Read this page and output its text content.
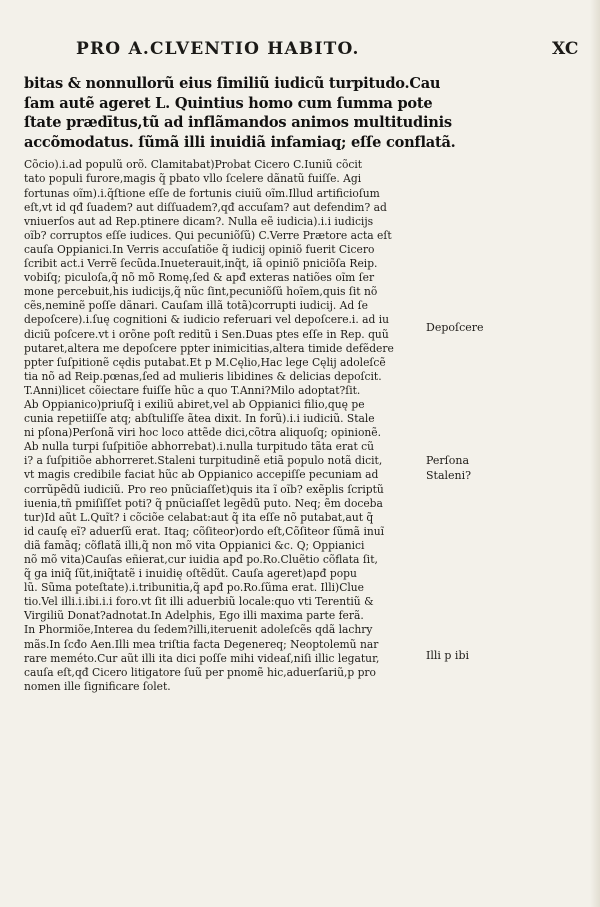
PRO A.CLVENTIO HABITO.	XC
bitas & nonnullorũ eius ſimiliũ iudicũ turpitudo.Cau
ſam autẽ ageret L. Quintius homo cum ſumma pote
ſtate prædītus,tũ ad inflãmandos animos multitudinis
accõmodatus. ſũmã illi inuidiã infamiaq; eſſe conflatã.
Cõcio).i.ad populũ orõ. Clamitabat)Probat Cicero C.Iuniũ cõcit
tato populi furore,magis q̃ pbato vllo ſcelere dãnatũ fuiſſe. Agi
fortunas oĩm).i.q̃ſtione eſſe de fortunis ciuiũ oĩm.Illud artificioſum
eſt,vt id qđ ſuadem? aut diſſuadem?,qđ accuſam? aut defendim? ad
vniuerſos aut ad Rep.ptinere dicam?. Nulla eẽ iudicia).i.i iudicijs
oĩb? corruptos eſſe iudices. Qui pecuniõſũ) C.Verre Prætore acta eſt
cauſa Oppianici.In Verris accuſatiõe q̃ iudicij opiniõ fuerit Cicero
ſcribit act.i Verrẽ ſecũda.Inueterauit,inq̃t, iã opiniõ pniciõſa Reip.
vobiſq; piculoſa,q̃ nõ mõ Romę,ſed & apđ exteras natiões oĩm ſer
mone percebuit,his iudicijs,q̃ nũc ſint,pecuniõſũ hoĩem,quis ſit nõ
cẽs,neminẽ poſſe dãnari. Cauſam illã totã)corrupti iudicij. Ad ſe
depoſcere).i.ſuę cognitioni & iudicio referuari vel depoſcere.i. ad iu
diciũ poſcere.vt i orõne poſt reditũ i Sen.Duas ptes eſſe in Rep. quũ
putaret,altera me depoſcere ppter inimicitias,altera timide defẽdere
ppter ſuſpitionẽ cędis putabat.Et p M.Cęlio,Hac lege Cęlij adoleſcẽ
tia nõ ad Reip.pœnas,ſed ad mulieris libidines & delicias depoſcit.
T.Anni)licet cõiectare fuiſſe hũc a quo T.Anni?Milo adoptat?ſit.
Ab Oppianico)priuſq̃ i exiliũ abiret,vel ab Oppianici filio,quę pe
cunia repetiiſſe atq; abſtuliſſe ãtea dixit. In forũ).i.i iudiciũ. Stale
ni pſona)Perſonã viri hoc loco attẽde dici,cõtra aliquoſq; opinionẽ.
Ab nulla turpi ſuſpitiõe abhorrebat).i.nulla turpitudo tãta erat cũ
i? a ſuſpitiõe abhorreret.Staleni turpitudinẽ etiã populo notã dicit,
vt magis credibile faciat hũc ab Oppianico accepiſſe pecuniam ad
corrũpẽdũ iudiciũ. Pro reo pnũciaſſet)quis ita ĩ oĩb? exẽplis ſcriptũ
iuenia,tñ pmiſiſſet poti? q̃ pnũciaſſet legẽdũ puto. Neq; ẽm doceba
tur)Id aũt L.Quĩt? i cõciõe celabat:aut q̃ ita eſſe nõ putabat,aut q̃
id cauſę eĩ? aduerſũ erat. Itaq; cõſiteor)ordo eſt,Cõſiteor ſũmã inuĩ
diã famãq; cõflatã illi,q̃ non mõ vita Oppianici &c. Q; Oppianici
nõ mõ vita)Cauſas eñierat,cur iuidia apđ po.Ro.Cluẽtio cõflata ſit,
q̃ ga iniq̃ ſũt,iniq̃tatẽ i inuidię oſtẽdũt. Cauſa ageret)apđ popu
lũ. Sũma poteſtate).i.tribunitia,q̃ apđ po.Ro.ſũma erat. Illi)Clue
tio.Vel illi.i.ibi.i.i foro.vt ſit illi aduerbiũ locale:quo vti Terentiũ &
Virgiliũ Donat?adnotat.In Adelphis, Ego illi maxima parte ferã.
In Phormiõe,Interea du ſedem?illi,iteruenit adoleſcẽs qdã lachry
mãs.In ſcđo Aen.Illi mea triſtia facta Degenereq; Neoptolemũ nar
rare meméto.Cur aũt illi ita dici poſſe mihi videaſ,niſi illic legatur,
cauſa eſt,qđ Cicero litigatore ſuũ per pnomẽ hic,aduerſariũ,p pro
nomen ille ſignificare ſolet.
Depoſcere
Perſona
Staleni?
Illi p ibi
